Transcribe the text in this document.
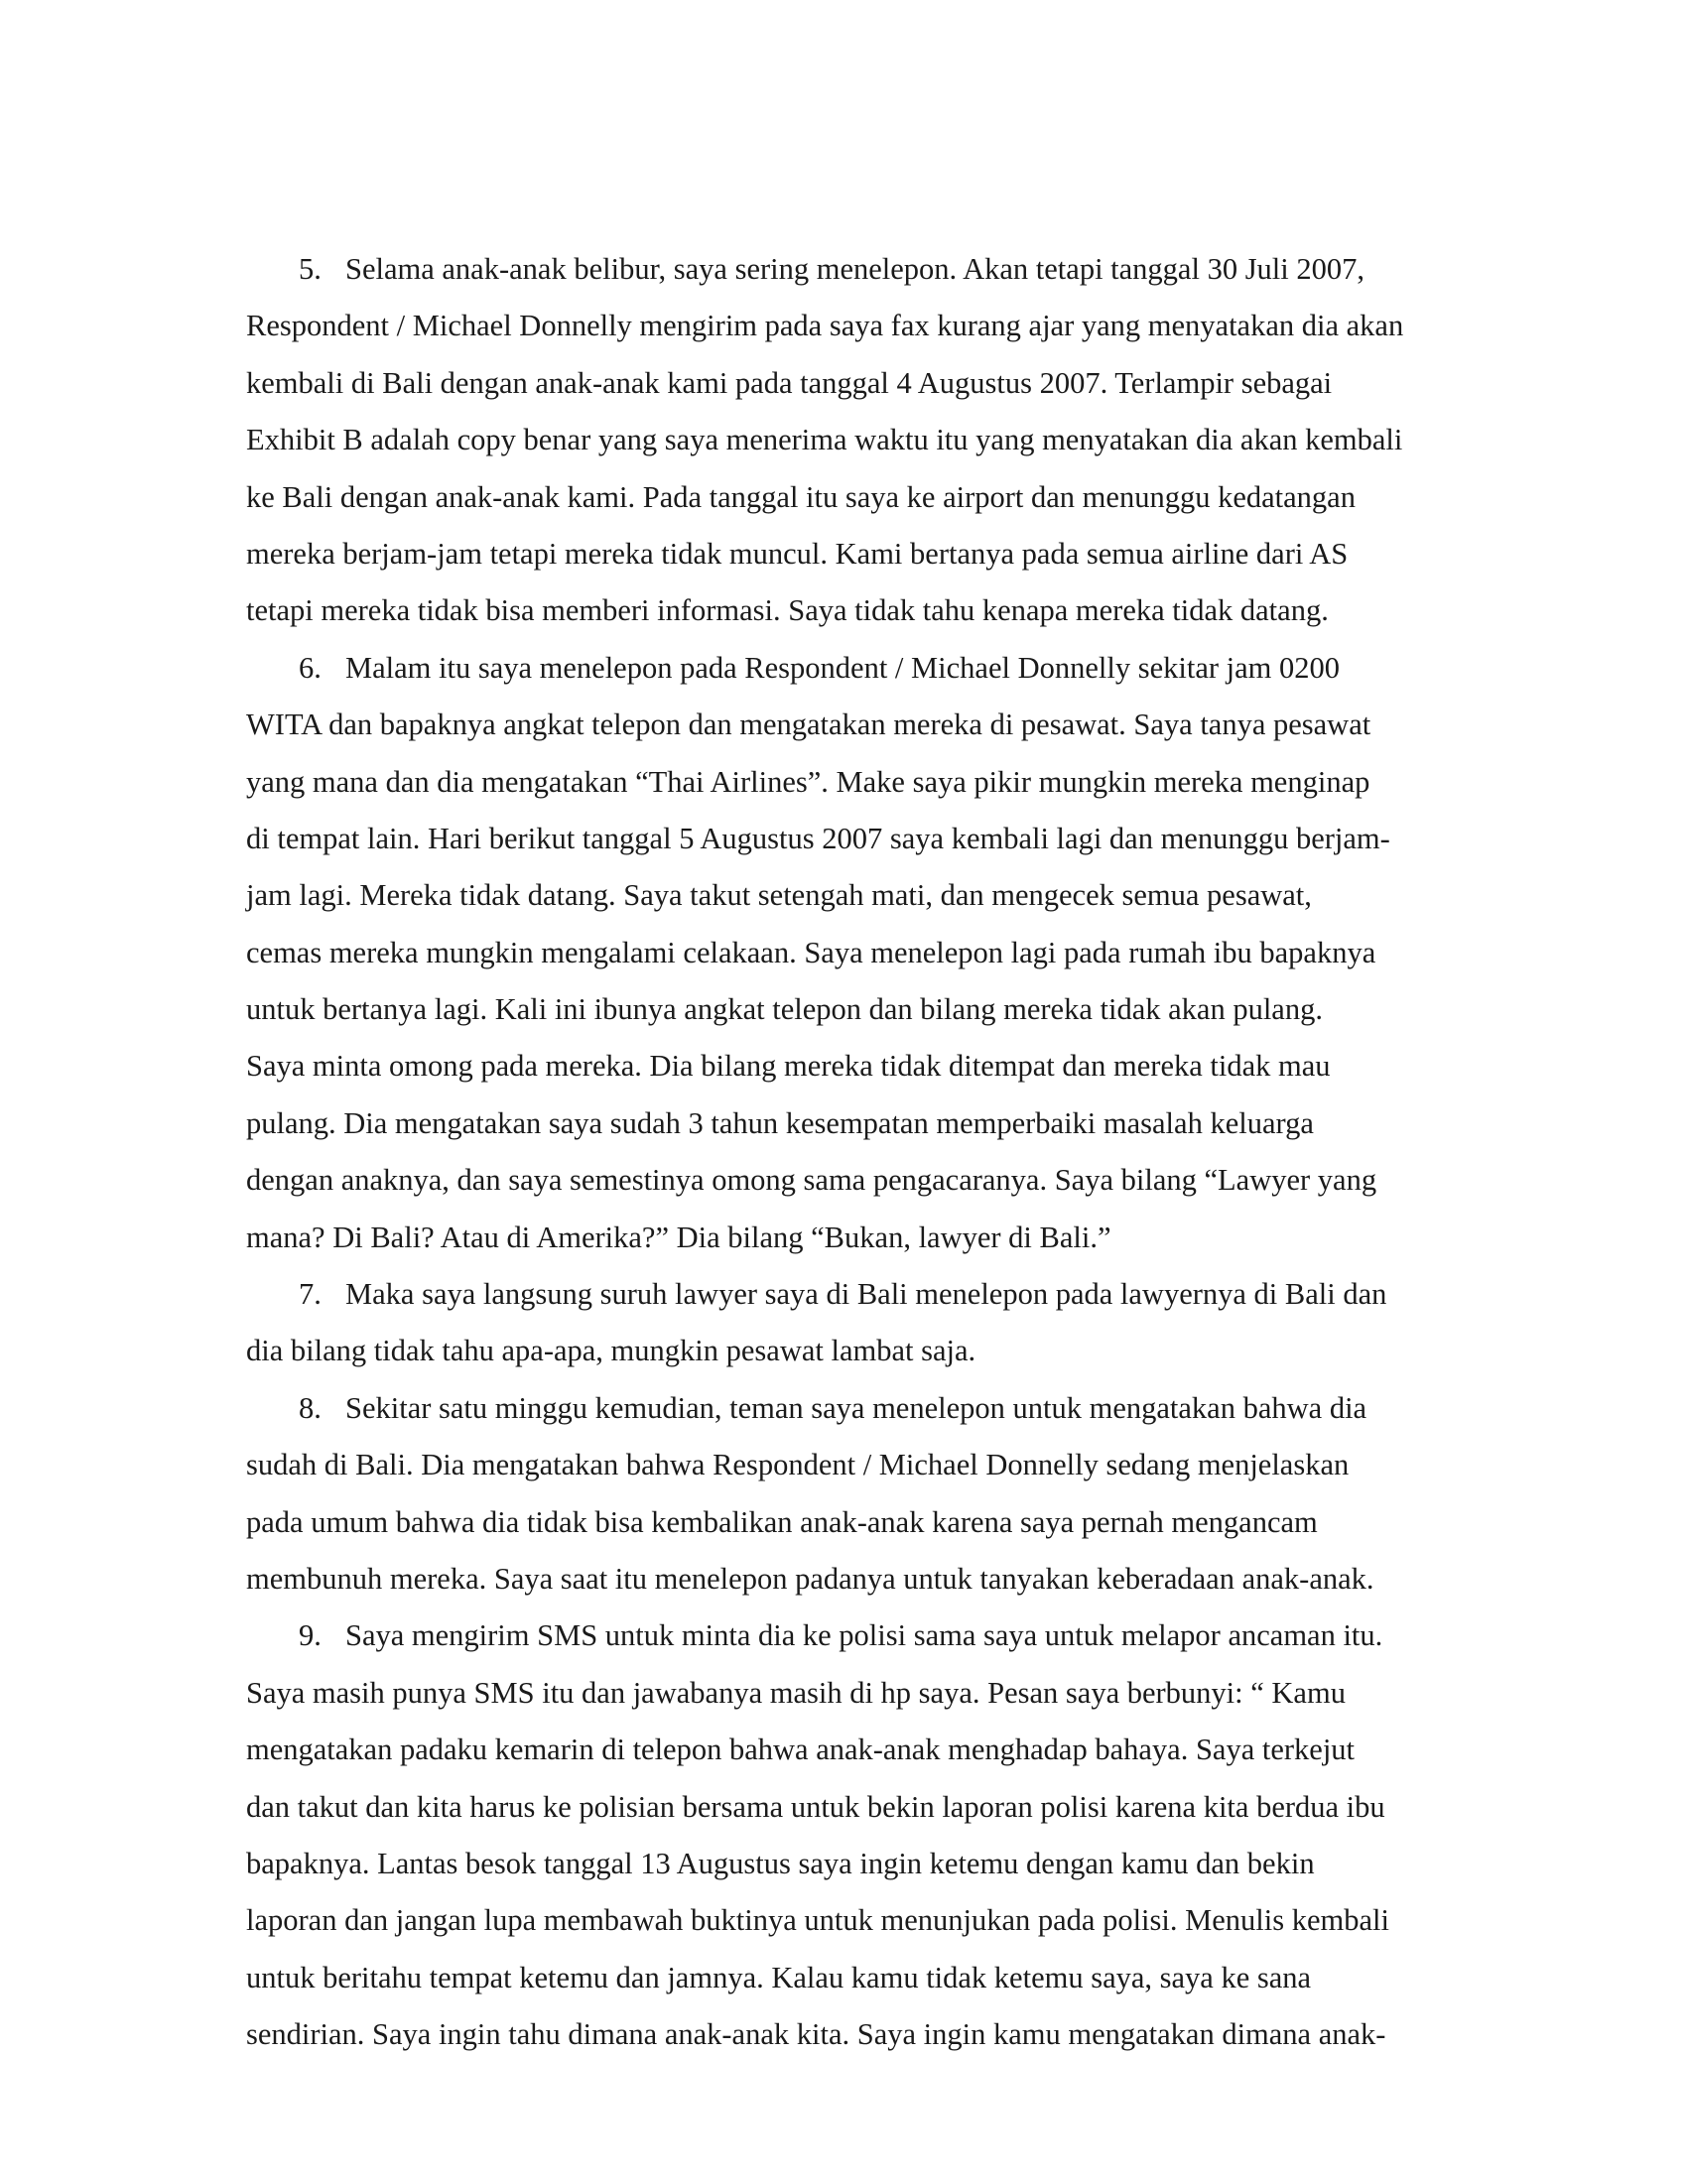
5. Selama anak-anak belibur, saya sering menelepon. Akan tetapi tanggal 30 Juli 2007,
Respondent / Michael Donnelly mengirim pada saya fax kurang ajar yang menyatakan dia akan
kembali di Bali dengan anak-anak kami pada tanggal 4 Augustus 2007. Terlampir sebagai
Exhibit B adalah copy benar yang saya menerima waktu itu yang menyatakan dia akan kembali
ke Bali dengan anak-anak kami. Pada tanggal itu saya ke airport dan menunggu kedatangan
mereka berjam-jam tetapi mereka tidak muncul. Kami bertanya pada semua airline dari AS
tetapi mereka tidak bisa memberi informasi. Saya tidak tahu kenapa mereka tidak datang.
6. Malam itu saya menelepon pada Respondent / Michael Donnelly sekitar jam 0200
WITA dan bapaknya angkat telepon dan mengatakan mereka di pesawat. Saya tanya pesawat
yang mana dan dia mengatakan “Thai Airlines”. Make saya pikir mungkin mereka menginap
di tempat lain. Hari berikut tanggal 5 Augustus 2007 saya kembali lagi dan menunggu berjam-
jam lagi. Mereka tidak datang. Saya takut setengah mati, dan mengecek semua pesawat,
cemas mereka mungkin mengalami celakaan. Saya menelepon lagi pada rumah ibu bapaknya
untuk bertanya lagi. Kali ini ibunya angkat telepon dan bilang mereka tidak akan pulang.
Saya minta omong pada mereka. Dia bilang mereka tidak ditempat dan mereka tidak mau
pulang. Dia mengatakan saya sudah 3 tahun kesempatan memperbaiki masalah keluarga
dengan anaknya, dan saya semestinya omong sama pengacaranya. Saya bilang “Lawyer yang
mana? Di Bali? Atau di Amerika?” Dia bilang “Bukan, lawyer di Bali.”
7. Maka saya langsung suruh lawyer saya di Bali menelepon pada lawyernya di Bali dan
dia bilang tidak tahu apa-apa, mungkin pesawat lambat saja.
8. Sekitar satu minggu kemudian, teman saya menelepon untuk mengatakan bahwa dia
sudah di Bali. Dia mengatakan bahwa Respondent / Michael Donnelly sedang menjelaskan
pada umum bahwa dia tidak bisa kembalikan anak-anak karena saya pernah mengancam
membunuh mereka. Saya saat itu menelepon padanya untuk tanyakan keberadaan anak-anak.
9. Saya mengirim SMS untuk minta dia ke polisi sama saya untuk melapor ancaman itu.
Saya masih punya SMS itu dan jawabanya masih di hp saya. Pesan saya berbunyi: “ Kamu
mengatakan padaku kemarin di telepon bahwa anak-anak menghadap bahaya. Saya terkejut
dan takut dan kita harus ke polisian bersama untuk bekin laporan polisi karena kita berdua ibu
bapaknya. Lantas besok tanggal 13 Augustus saya ingin ketemu dengan kamu dan bekin
laporan dan jangan lupa membawah buktinya untuk menunjukan pada polisi. Menulis kembali
untuk beritahu tempat ketemu dan jamnya. Kalau kamu tidak ketemu saya, saya ke sana
sendirian. Saya ingin tahu dimana anak-anak kita. Saya ingin kamu mengatakan dimana anak-
